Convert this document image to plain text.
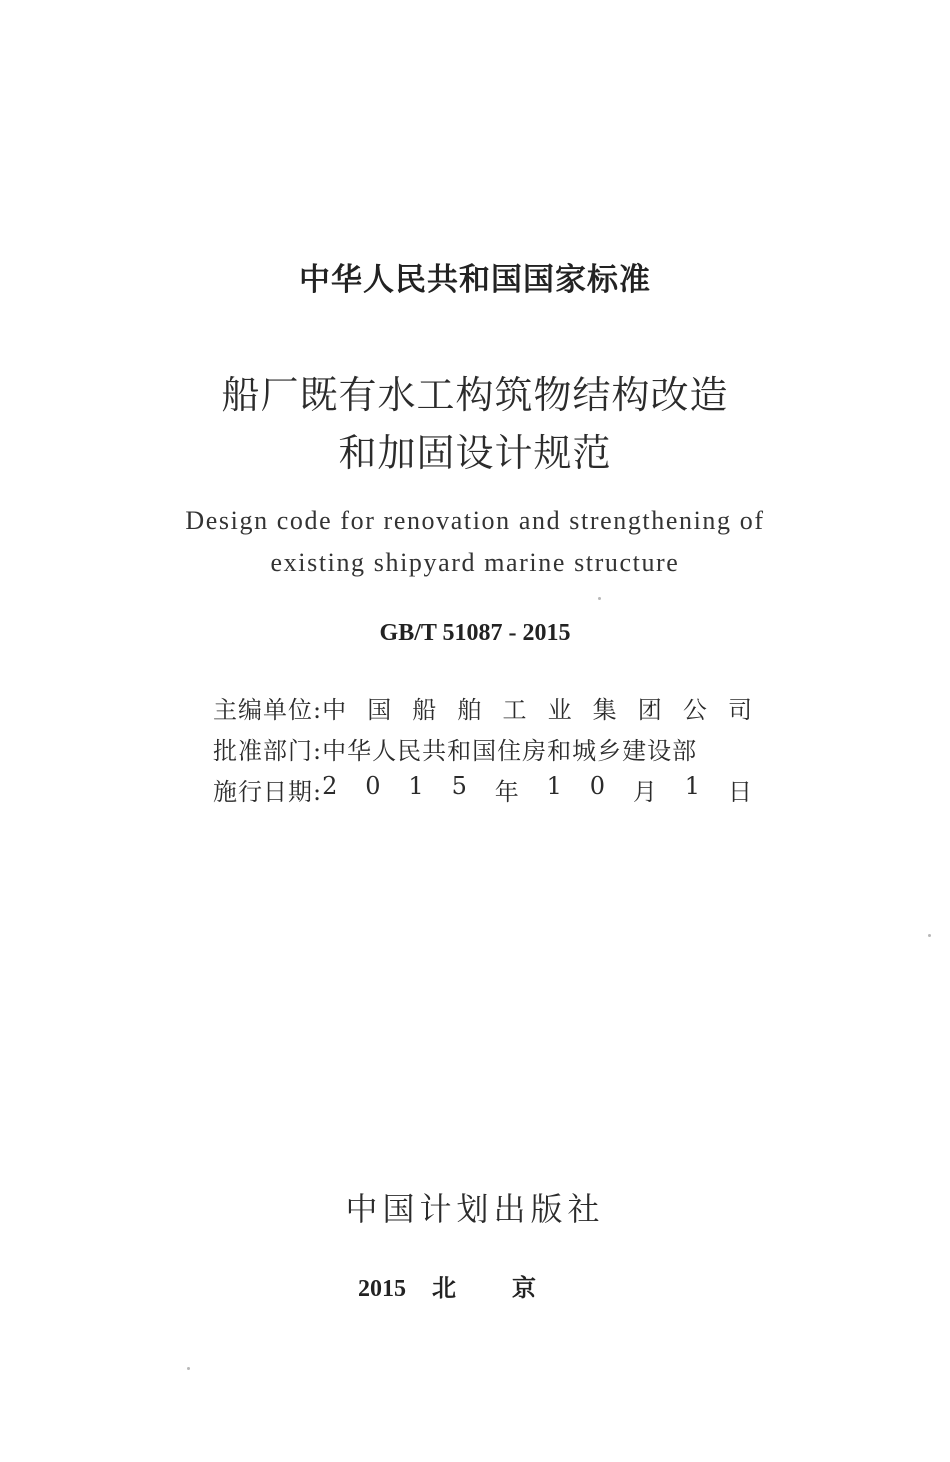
中华人民共和国国家标准
船厂既有水工构筑物结构改造
和加固设计规范
Design code for renovation and strengthening of
existing shipyard marine structure
GB/T 51087 - 2015
主编单位: 中 国 船 舶 工 业 集 团 公 司
批准部门: 中华人民共和国住房和城乡建设部
施行日期: 2 0 1 5 年 1 0 月 1 日
中国计划出版社
2015 北京
